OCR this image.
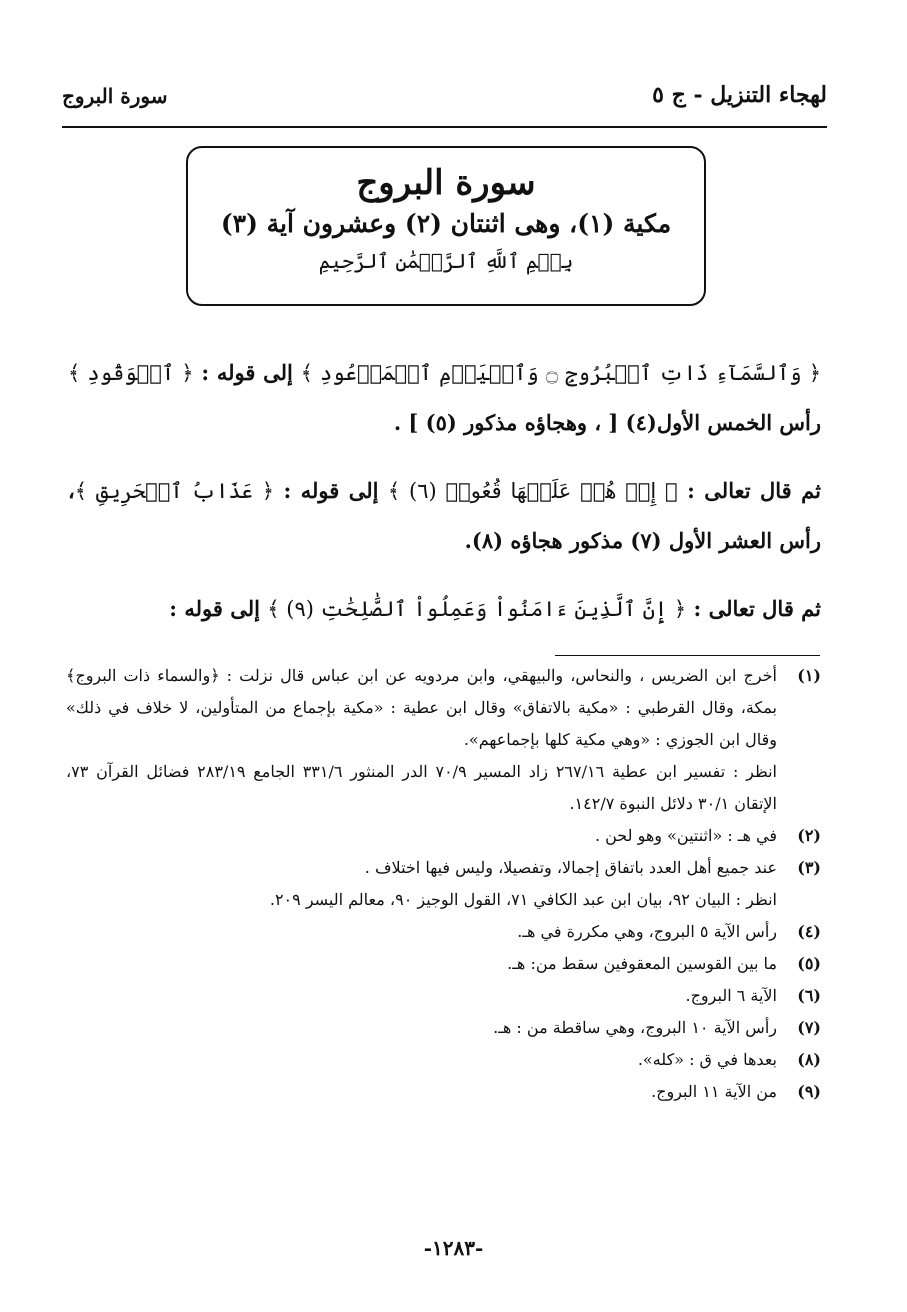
لهجاء التنزيل - ج ٥
سورة البروج
سورة البروج
مكية (١)، وهى اثنتان (٢) وعشرون آية (٣)
بِسۡمِ ٱللَّهِ ٱلرَّحۡمَٰنِ ٱلرَّحِيمِ

﴿ وَٱلسَّمَآءِ ذَاتِ ٱلۡبُرُوجِ ۝ وَٱلۡيَوۡمِ ٱلۡمَوۡعُودِ ﴾ إلى قوله : ﴿ ٱلۡوَقُودِ ﴾ رأس الخمس الأول(٤) [ ، وهجاؤه مذكور (٥) ] .

ثم قال تعالى : ﴿ إِذۡ هُمۡ عَلَيۡهَا قُعُودٞ (٦) ﴾ إلى قوله : ﴿ عَذَابُ ٱلۡحَرِيقِ ﴾، رأس العشر الأول (٧) مذكور هجاؤه (٨).

ثم قال تعالى : ﴿ إِنَّ ٱلَّذِينَ ءَامَنُواْ وَعَمِلُواْ ٱلصَّٰلِحَٰتِ (٩) ﴾ إلى قوله :

(١)
أخرج ابن الضريس ، والنحاس، والبيهقي، وابن مردويه عن ابن عباس قال نزلت : ﴿والسماء ذات البروج﴾ بمكة، وقال القرطبي : «مكية بالاتفاق» وقال ابن عطية : «مكية بإجماع من المتأولين، لا خلاف في ذلك» وقال ابن الجوزي : «وهي مكية كلها بإجماعهم».
انظر : تفسير ابن عطية ٢٦٧/١٦ زاد المسير ٧٠/٩ الدر المنثور ٣٣١/٦ الجامع ٢٨٣/١٩ فضائل القرآن ٧٣، الإتقان ٣٠/١ دلائل النبوة ١٤٢/٧.
(٢)
في هـ : «اثنتين» وهو لحن .
(٣)
عند جميع أهل العدد باتفاق إجمالا، وتفصيلا، وليس فيها اختلاف .
انظر : البيان ٩٢، بيان ابن عبد الكافي ٧١، القول الوجيز ٩٠، معالم اليسر ٢٠٩.
(٤)
رأس الآية ٥ البروج، وهي مكررة في هـ.
(٥)
ما بين القوسين المعقوفين سقط من: هـ.
(٦)
الآية ٦ البروج.
(٧)
رأس الآية ١٠ البروج، وهي ساقطة من : هـ.
(٨)
بعدها في ق : «كله».
(٩)
من الآية ١١ البروج.
-١٢٨٣-
